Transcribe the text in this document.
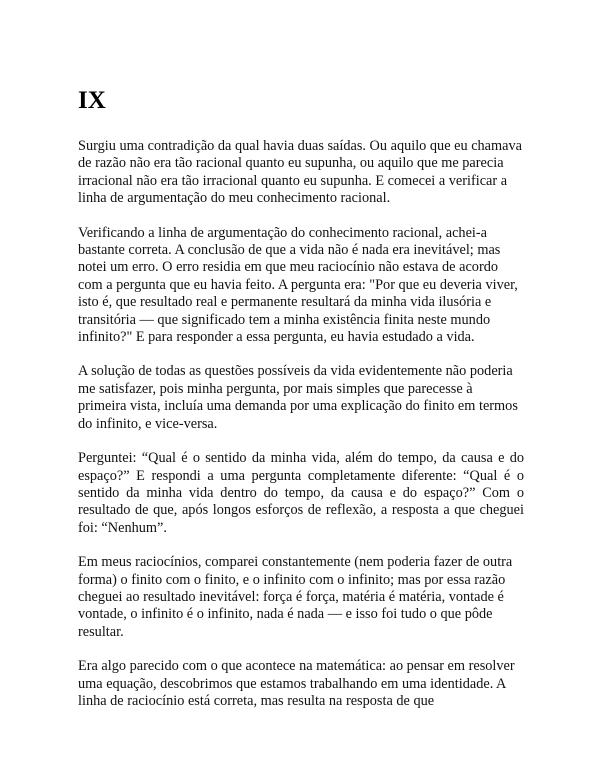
IX

Surgiu uma contradição da qual havia duas saídas. Ou aquilo que eu chamava de razão não era tão racional quanto eu supunha, ou aquilo que me parecia irracional não era tão irracional quanto eu supunha. E comecei a verificar a linha de argumentação do meu conhecimento racional.

Verificando a linha de argumentação do conhecimento racional, achei-a bastante correta. A conclusão de que a vida não é nada era inevitável; mas notei um erro. O erro residia em que meu raciocínio não estava de acordo com a pergunta que eu havia feito. A pergunta era: "Por que eu deveria viver, isto é, que resultado real e permanente resultará da minha vida ilusória e transitória — que significado tem a minha existência finita neste mundo infinito?" E para responder a essa pergunta, eu havia estudado a vida.

A solução de todas as questões possíveis da vida evidentemente não poderia me satisfazer, pois minha pergunta, por mais simples que parecesse à primeira vista, incluía uma demanda por uma explicação do finito em termos do infinito, e vice-versa.

Perguntei: “Qual é o sentido da minha vida, além do tempo, da causa e do espaço?” E respondi a uma pergunta completamente diferente: “Qual é o sentido da minha vida dentro do tempo, da causa e do espaço?” Com o resultado de que, após longos esforços de reflexão, a resposta a que cheguei foi: “Nenhum”.

Em meus raciocínios, comparei constantemente (nem poderia fazer de outra forma) o finito com o finito, e o infinito com o infinito; mas por essa razão cheguei ao resultado inevitável: força é força, matéria é matéria, vontade é vontade, o infinito é o infinito, nada é nada — e isso foi tudo o que pôde resultar.

Era algo parecido com o que acontece na matemática: ao pensar em resolver uma equação, descobrimos que estamos trabalhando em uma identidade. A linha de raciocínio está correta, mas resulta na resposta de que
